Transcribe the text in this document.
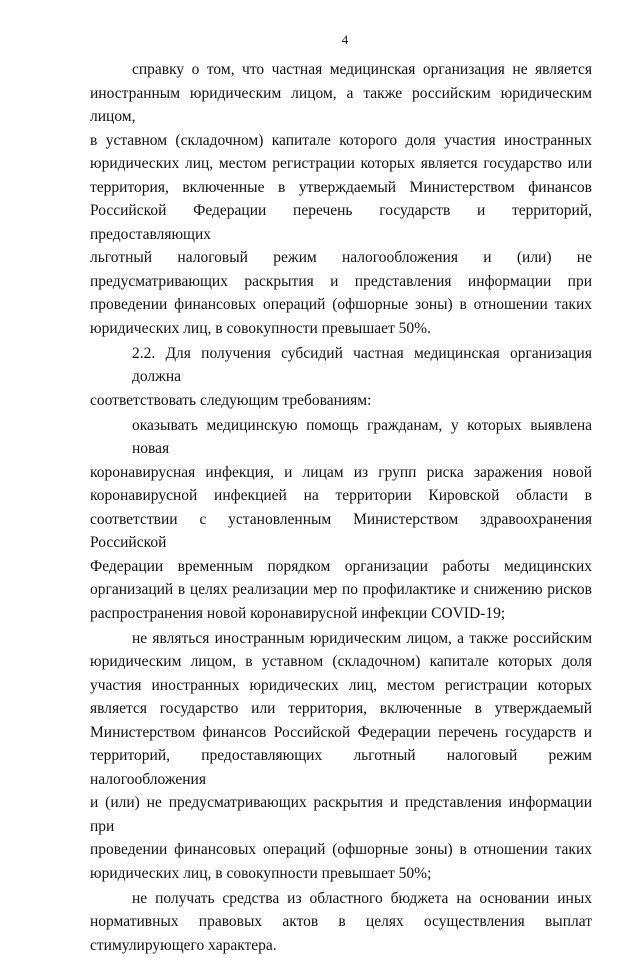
4
справку о том, что частная медицинская организация не является
иностранным юридическим лицом, а также российским юридическим лицом,
в уставном (складочном) капитале которого доля участия иностранных
юридических лиц, местом регистрации которых является государство или
территория, включенные в утверждаемый Министерством финансов
Российской Федерации перечень государств и территорий, предоставляющих
льготный налоговый режим налогообложения и (или) не
предусматривающих раскрытия и представления информации при
проведении финансовых операций (офшорные зоны) в отношении таких
юридических лиц, в совокупности превышает 50%.
2.2. Для получения субсидий частная медицинская организация должна
соответствовать следующим требованиям:
оказывать медицинскую помощь гражданам, у которых выявлена новая
коронавирусная инфекция, и лицам из групп риска заражения новой
коронавирусной инфекцией на территории Кировской области в
соответствии с установленным Министерством здравоохранения Российской
Федерации временным порядком организации работы медицинских
организаций в целях реализации мер по профилактике и снижению рисков
распространения новой коронавирусной инфекции COVID-19;
не являться иностранным юридическим лицом, а также российским
юридическим лицом, в уставном (складочном) капитале которых доля
участия иностранных юридических лиц, местом регистрации которых
является государство или территория, включенные в утверждаемый
Министерством финансов Российской Федерации перечень государств и
территорий, предоставляющих льготный налоговый режим налогообложения
и (или) не предусматривающих раскрытия и представления информации при
проведении финансовых операций (офшорные зоны) в отношении таких
юридических лиц, в совокупности превышает 50%;
не получать средства из областного бюджета на основании иных
нормативных правовых актов в целях осуществления выплат
стимулирующего характера.
